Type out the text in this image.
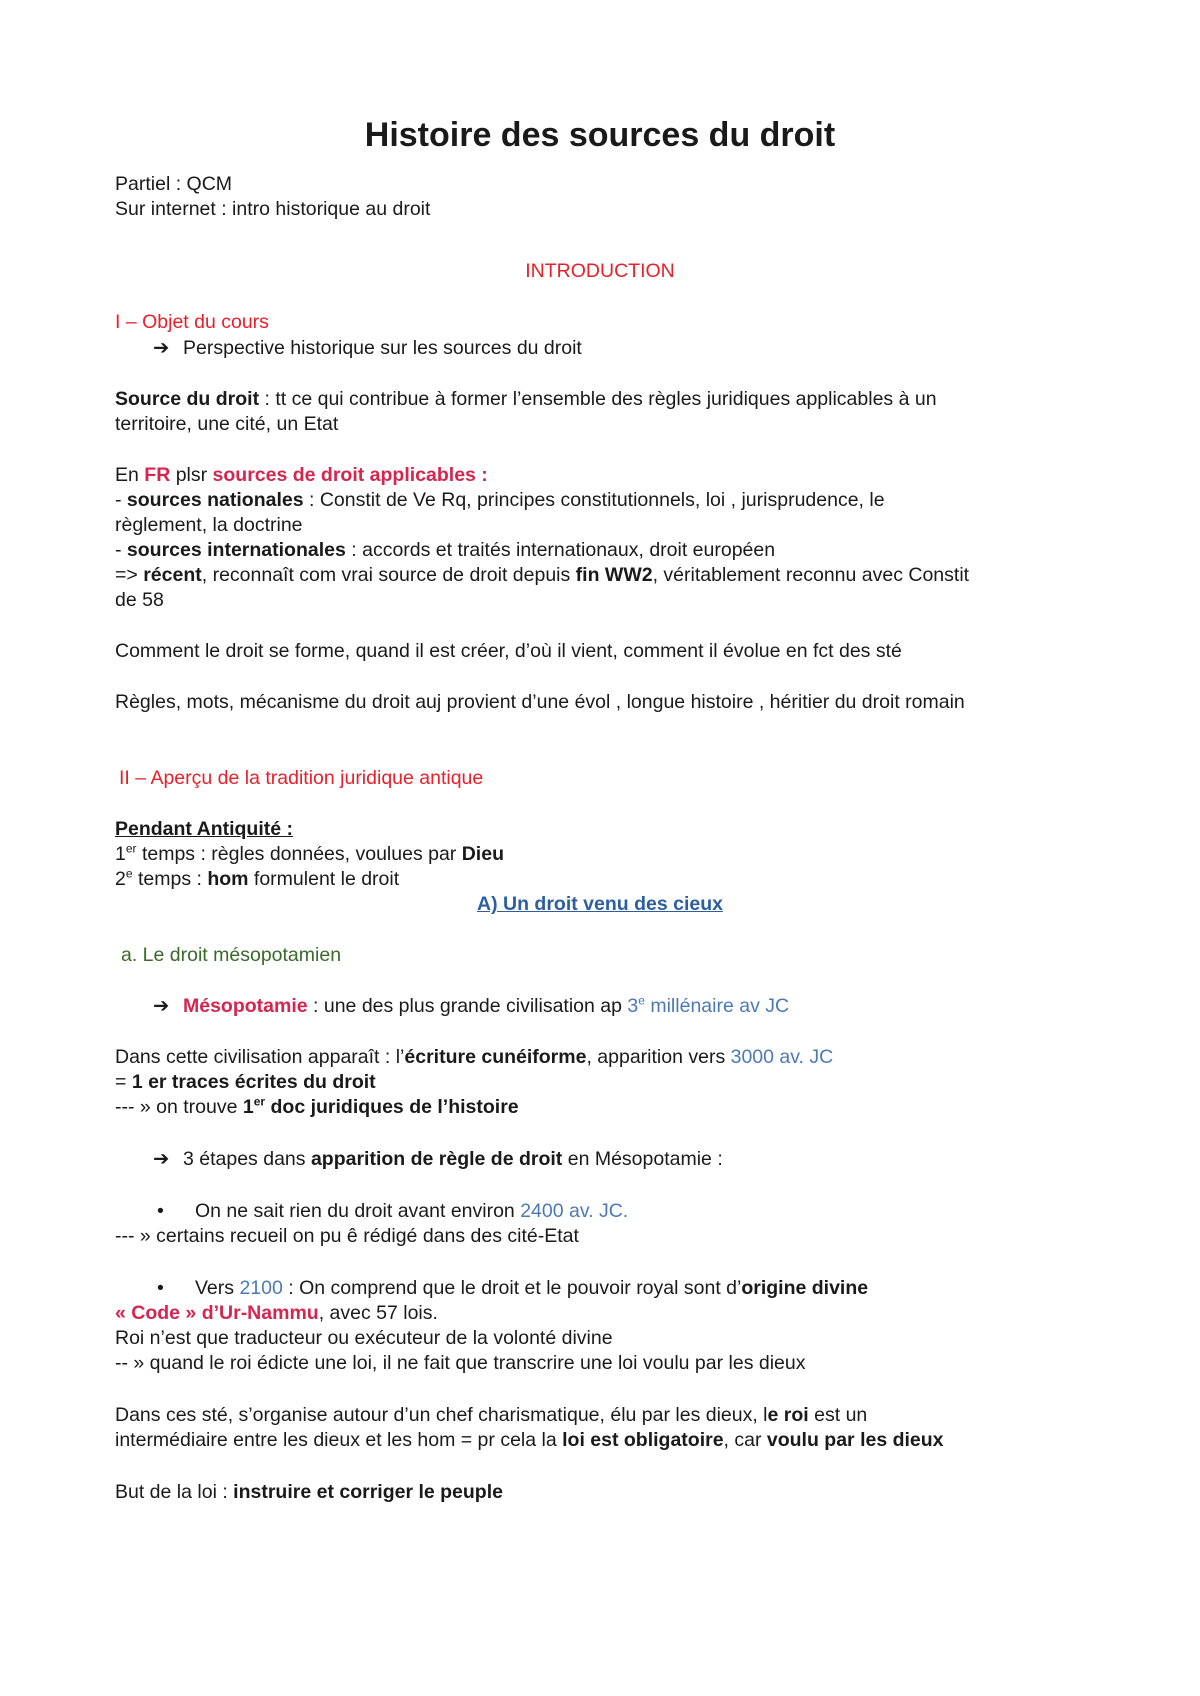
Histoire des sources du droit
Partiel : QCM
Sur internet : intro historique au droit
INTRODUCTION
I – Objet du cours
➔ Perspective historique sur les sources du droit
Source du droit : tt ce qui contribue à former l’ensemble des règles juridiques applicables à un
territoire, une cité, un Etat
En FR plsr sources de droit applicables :
- sources nationales : Constit de Ve Rq, principes constitutionnels, loi , jurisprudence, le
règlement, la doctrine
- sources internationales : accords et traités internationaux, droit européen
=> récent, reconnaît com vrai source de droit depuis fin WW2, véritablement reconnu avec Constit
de 58
Comment le droit se forme, quand il est créer, d’où il vient, comment il évolue en fct des sté
Règles, mots, mécanisme du droit auj provient d’une évol , longue histoire , héritier du droit romain
II – Aperçu de la tradition juridique antique
Pendant Antiquité :
1er temps : règles données, voulues par Dieu
2e temps : hom formulent le droit
A) Un droit venu des cieux
a. Le droit mésopotamien
➔ Mésopotamie : une des plus grande civilisation ap 3e millénaire av JC
Dans cette civilisation apparaît : l’écriture cunéiforme, apparition vers 3000 av. JC
= 1 er traces écrites du droit
--- » on trouve 1er doc juridiques de l’histoire
➔ 3 étapes dans apparition de règle de droit en Mésopotamie :
• On ne sait rien du droit avant environ 2400 av. JC.
--- » certains recueil on pu ê rédigé dans des cité-Etat
• Vers 2100 : On comprend que le droit et le pouvoir royal sont d’origine divine
« Code » d’Ur-Nammu, avec 57 lois.
Roi n’est que traducteur ou exécuteur de la volonté divine
-- » quand le roi édicte une loi, il ne fait que transcrire une loi voulu par les dieux
Dans ces sté, s’organise autour d’un chef charismatique, élu par les dieux, le roi est un
intermédiaire entre les dieux et les hom = pr cela la loi est obligatoire, car voulu par les dieux
But de la loi : instruire et corriger le peuple
